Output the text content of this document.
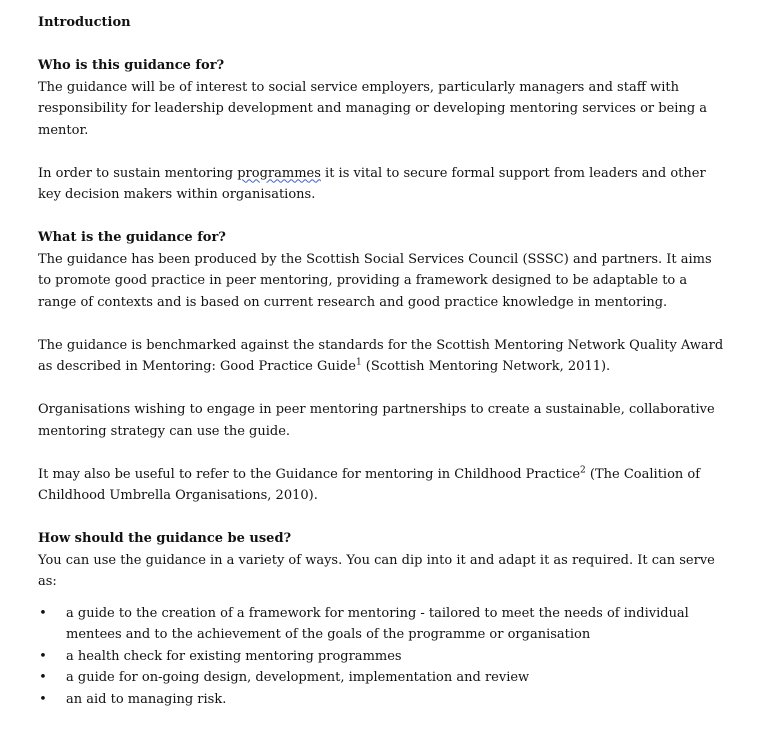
Introduction
Who is this guidance for?

The guidance will be of interest to social service employers, particularly managers and staff with responsibility for leadership development and managing or developing mentoring services or being a mentor.

In order to sustain mentoring programmes it is vital to secure formal support from leaders and other key decision makers within organisations.

What is the guidance for?

The guidance has been produced by the Scottish Social Services Council (SSSC) and partners. It aims to promote good practice in peer mentoring, providing a framework designed to be adaptable to a range of contexts and is based on current research and good practice knowledge in mentoring.

The guidance is benchmarked against the standards for the Scottish Mentoring Network Quality Award as described in Mentoring: Good Practice Guide$^1$ (Scottish Mentoring Network, 2011).

Organisations wishing to engage in peer mentoring partnerships to create a sustainable, collaborative mentoring strategy can use the guide.

It may also be useful to refer to the Guidance for mentoring in Childhood Practice$^2$ (The Coalition of Childhood Umbrella Organisations, 2010).

How should the guidance be used?
You can use the guidance in a variety of ways. You can dip into it and adapt it as required. It can serve as:
• a guide to the creation of a framework for mentoring - tailored to meet the needs of individual mentees and to the achievement of the goals of the programme or organisation
• a health check for existing mentoring programmes
• a guide for on-going design, development, implementation and review
• an aid to managing risk.
